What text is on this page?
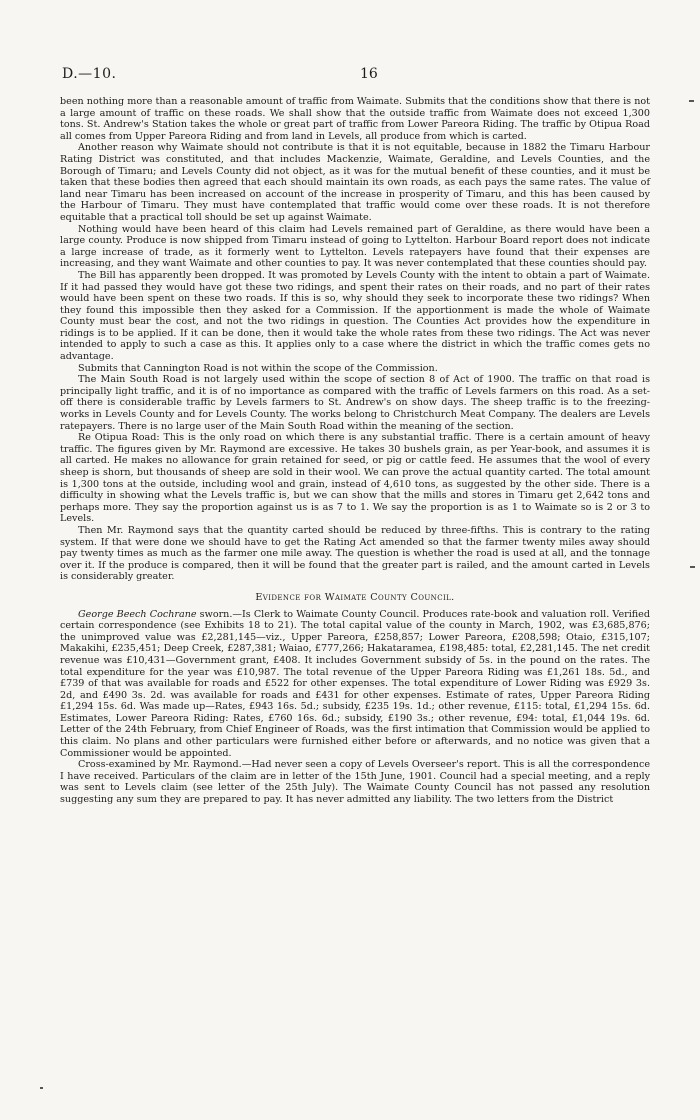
D.—10.	16

been nothing more than a reasonable amount of traffic from Waimate. Submits that the conditions show that there is not a large amount of traffic on these roads. We shall show that the outside traffic from Waimate does not exceed 1,300 tons. St. Andrew's Station takes the whole or great part of traffic from Lower Pareora Riding. The traffic by Otipua Road all comes from Upper Pareora Riding and from land in Levels, all produce from which is carted.

Another reason why Waimate should not contribute is that it is not equitable, because in 1882 the Timaru Harbour Rating District was constituted, and that includes Mackenzie, Waimate, Geraldine, and Levels Counties, and the Borough of Timaru; and Levels County did not object, as it was for the mutual benefit of these counties, and it must be taken that these bodies then agreed that each should maintain its own roads, as each pays the same rates. The value of land near Timaru has been increased on account of the increase in prosperity of Timaru, and this has been caused by the Harbour of Timaru. They must have contemplated that traffic would come over these roads. It is not therefore equitable that a practical toll should be set up against Waimate.

Nothing would have been heard of this claim had Levels remained part of Geraldine, as there would have been a large county. Produce is now shipped from Timaru instead of going to Lyttelton. Harbour Board report does not indicate a large increase of trade, as it formerly went to Lyttelton. Levels ratepayers have found that their expenses are increasing, and they want Waimate and other counties to pay. It was never contemplated that these counties should pay.

The Bill has apparently been dropped. It was promoted by Levels County with the intent to obtain a part of Waimate. If it had passed they would have got these two ridings, and spent their rates on their roads, and no part of their rates would have been spent on these two roads. If this is so, why should they seek to incorporate these two ridings? When they found this impossible then they asked for a Commission. If the apportionment is made the whole of Waimate County must bear the cost, and not the two ridings in question. The Counties Act provides how the expenditure in ridings is to be applied. If it can be done, then it would take the whole rates from these two ridings. The Act was never intended to apply to such a case as this. It applies only to a case where the district in which the traffic comes gets no advantage.

Submits that Cannington Road is not within the scope of the Commission.

The Main South Road is not largely used within the scope of section 8 of Act of 1900. The traffic on that road is principally light traffic, and it is of no importance as compared with the traffic of Levels farmers on this road. As a set-off there is considerable traffic by Levels farmers to St. Andrew's on show days. The sheep traffic is to the freezing-works in Levels County and for Levels County. The works belong to Christchurch Meat Company. The dealers are Levels ratepayers. There is no large user of the Main South Road within the meaning of the section.

Re Otipua Road: This is the only road on which there is any substantial traffic. There is a certain amount of heavy traffic. The figures given by Mr. Raymond are excessive. He takes 30 bushels grain, as per Year-book, and assumes it is all carted. He makes no allowance for grain retained for seed, or pig or cattle feed. He assumes that the wool of every sheep is shorn, but thousands of sheep are sold in their wool. We can prove the actual quantity carted. The total amount is 1,300 tons at the outside, including wool and grain, instead of 4,610 tons, as suggested by the other side. There is a difficulty in showing what the Levels traffic is, but we can show that the mills and stores in Timaru get 2,642 tons and perhaps more. They say the proportion against us is as 7 to 1. We say the proportion is as 1 to Waimate so is 2 or 3 to Levels.

Then Mr. Raymond says that the quantity carted should be reduced by three-fifths. This is contrary to the rating system. If that were done we should have to get the Rating Act amended so that the farmer twenty miles away should pay twenty times as much as the farmer one mile away. The question is whether the road is used at all, and the tonnage over it. If the produce is compared, then it will be found that the greater part is railed, and the amount carted in Levels is considerably greater.

Evidence for Waimate County Council.

George Beech Cochrane sworn.—Is Clerk to Waimate County Council. Produces rate-book and valuation roll. Verified certain correspondence (see Exhibits 18 to 21). The total capital value of the county in March, 1902, was £3,685,876; the unimproved value was £2,281,145—viz., Upper Pareora, £258,857; Lower Pareora, £208,598; Otaio, £315,107; Makakihi, £235,451; Deep Creek, £287,381; Waiao, £777,266; Hakataramea, £198,485: total, £2,281,145. The net credit revenue was £10,431—Government grant, £408. It includes Government subsidy of 5s. in the pound on the rates. The total expenditure for the year was £10,987. The total revenue of the Upper Pareora Riding was £1,261 18s. 5d., and £739 of that was available for roads and £522 for other expenses. The total expenditure of Lower Riding was £929 3s. 2d, and £490 3s. 2d. was available for roads and £431 for other expenses. Estimate of rates, Upper Pareora Riding £1,294 15s. 6d. Was made up—Rates, £943 16s. 5d.; subsidy, £235 19s. 1d.; other revenue, £115: total, £1,294 15s. 6d. Estimates, Lower Pareora Riding: Rates, £760 16s. 6d.; subsidy, £190 3s.; other revenue, £94: total, £1,044 19s. 6d. Letter of the 24th February, from Chief Engineer of Roads, was the first intimation that Commission would be applied to this claim. No plans and other particulars were furnished either before or afterwards, and no notice was given that a Commissioner would be appointed.

Cross-examined by Mr. Raymond.—Had never seen a copy of Levels Overseer's report. This is all the correspondence I have received. Particulars of the claim are in letter of the 15th June, 1901. Council had a special meeting, and a reply was sent to Levels claim (see letter of the 25th July). The Waimate County Council has not passed any resolution suggesting any sum they are prepared to pay. It has never admitted any liability. The two letters from the District
